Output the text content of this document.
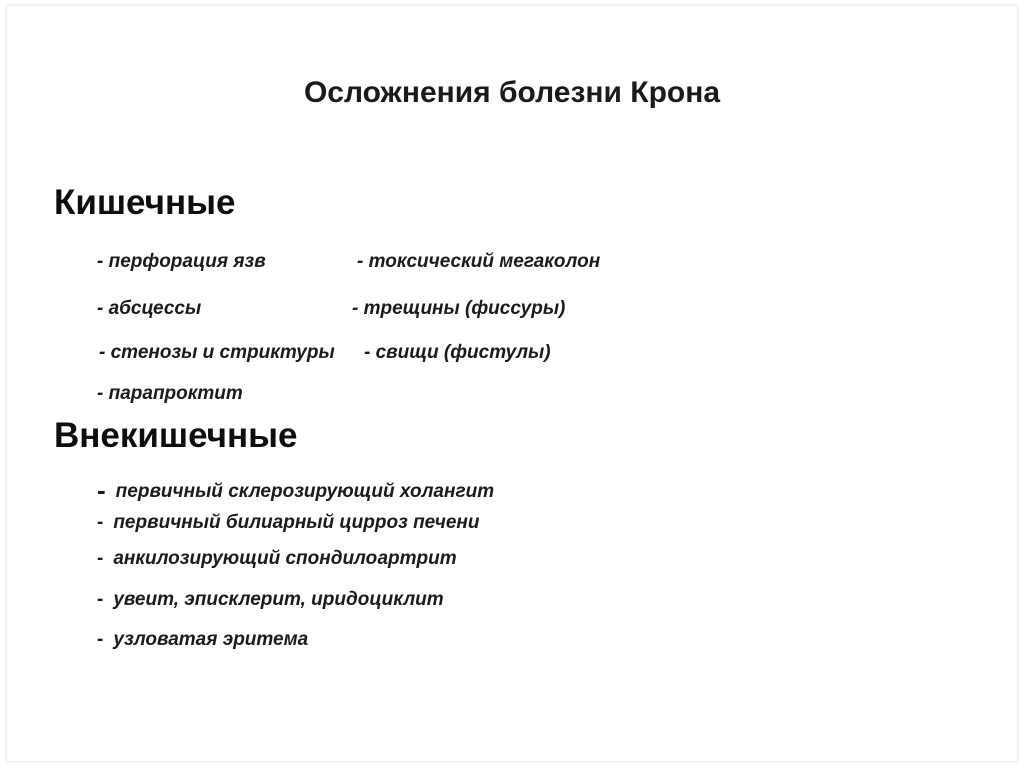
Осложнения болезни Крона
Кишечные
- перфорация язв
- абсцессы
- стенозы и стриктуры
- парапроктит
- токсический мегаколон
- трещины (фиссуры)
- свищи (фистулы)
Внекишечные
- первичный склерозирующий холангит
- первичный билиарный цирроз печени
- анкилозирующий спондилоартрит
- увеит, эписклерит, иридоциклит
- узловатая эритема
